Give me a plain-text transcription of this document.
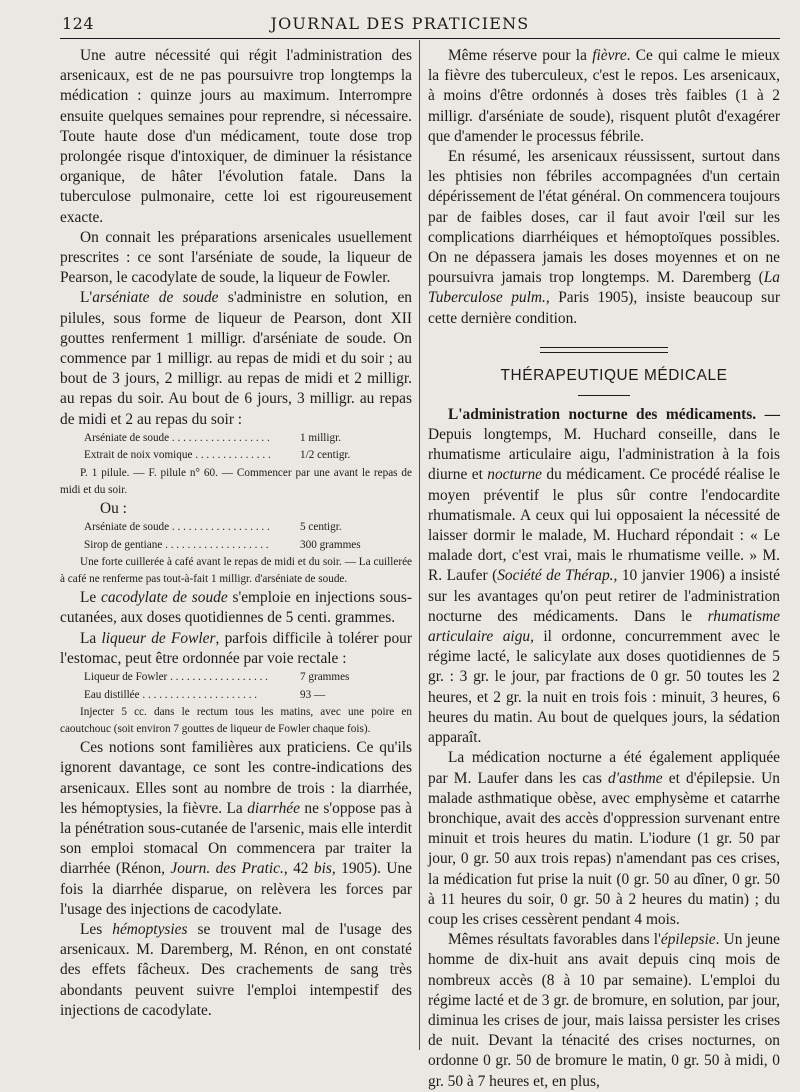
124	JOURNAL DES PRATICIENS

Une autre nécessité qui régit l'administration des arsenicaux, est de ne pas poursuivre trop longtemps la médication : quinze jours au maximum. Interrompre ensuite quelques semaines pour reprendre, si nécessaire. Toute haute dose d'un médicament, toute dose trop prolongée risque d'intoxiquer, de diminuer la résistance organique, de hâter l'évolution fatale. Dans la tuberculose pulmonaire, cette loi est rigoureusement exacte.

On connait les préparations arsenicales usuellement prescrites : ce sont l'arséniate de soude, la liqueur de Pearson, le cacodylate de soude, la liqueur de Fowler.

L'arséniate de soude s'administre en solution, en pilules, sous forme de liqueur de Pearson, dont XII gouttes renferment 1 milligr. d'arséniate de soude. On commence par 1 milligr. au repas de midi et du soir ; au bout de 3 jours, 2 milligr. au repas de midi et 2 milligr. au repas du soir. Au bout de 6 jours, 3 milligr. au repas de midi et 2 au repas du soir :

Arséniate de soude . . .	1 milligr.
Extrait de noix vomique . . .	1/2 centigr.

P. 1 pilule. — F. pilule n° 60. — Commencer par une avant le repas de midi et du soir.

Ou :

Arséniate de soude . . .	5 centigr.
Sirop de gentiane . . .	300 grammes

Une forte cuillerée à café avant le repas de midi et du soir. — La cuillerée à café ne renferme pas tout-à-fait 1 milligr. d'arséniate de soude.

Le cacodylate de soude s'emploie en injections sous-cutanées, aux doses quotidiennes de 5 centi. grammes.

La liqueur de Fowler, parfois difficile à tolérer pour l'estomac, peut être ordonnée par voie rectale :

Liqueur de Fowler . . .	7 grammes
Eau distillée . . .	93 —

Injecter 5 cc. dans le rectum tous les matins, avec une poire en caoutchouc (soit environ 7 gouttes de liqueur de Fowler chaque fois).

Ces notions sont familières aux praticiens. Ce qu'ils ignorent davantage, ce sont les contre-indications des arsenicaux. Elles sont au nombre de trois : la diarrhée, les hémoptysies, la fièvre. La diarrhée ne s'oppose pas à la pénétration sous-cutanée de l'arsenic, mais elle interdit son emploi stomacal On commencera par traiter la diarrhée (Rénon, Journ. des Pratic., 42 bis, 1905). Une fois la diarrhée disparue, on relèvera les forces par l'usage des injections de cacodylate.

Les hémoptysies se trouvent mal de l'usage des arsenicaux. M. Daremberg, M. Rénon, en ont constaté des effets fâcheux. Des crachements de sang très abondants peuvent suivre l'emploi intempestif des injections de cacodylate.

Même réserve pour la fièvre. Ce qui calme le mieux la fièvre des tuberculeux, c'est le repos. Les arsenicaux, à moins d'être ordonnés à doses très faibles (1 à 2 milligr. d'arséniate de soude), risquent plutôt d'exagérer que d'amender le processus fébrile.

En résumé, les arsenicaux réussissent, surtout dans les phtisies non fébriles accompagnées d'un certain dépérissement de l'état général. On commencera toujours par de faibles doses, car il faut avoir l'œil sur les complications diarrhéiques et hémoptoïques possibles. On ne dépassera jamais les doses moyennes et on ne poursuivra jamais trop longtemps. M. Daremberg (La Tuberculose pulm., Paris 1905), insiste beaucoup sur cette dernière condition.

THÉRAPEUTIQUE MÉDICALE

L'administration nocturne des médicaments. — Depuis longtemps, M. Huchard conseille, dans le rhumatisme articulaire aigu, l'administration à la fois diurne et nocturne du médicament. Ce procédé réalise le moyen préventif le plus sûr contre l'endocardite rhumatismale. A ceux qui lui opposaient la nécessité de laisser dormir le malade, M. Huchard répondait : « Le malade dort, c'est vrai, mais le rhumatisme veille. » M. R. Laufer (Société de Thérap., 10 janvier 1906) a insisté sur les avantages qu'on peut retirer de l'administration nocturne des médicaments. Dans le rhumatisme articulaire aigu, il ordonne, concurremment avec le régime lacté, le salicylate aux doses quotidiennes de 5 gr. : 3 gr. le jour, par fractions de 0 gr. 50 toutes les 2 heures, et 2 gr. la nuit en trois fois : minuit, 3 heures, 6 heures du matin. Au bout de quelques jours, la sédation apparaît.

La médication nocturne a été également appliquée par M. Laufer dans les cas d'asthme et d'épilepsie. Un malade asthmatique obèse, avec emphysème et catarrhe bronchique, avait des accès d'oppression survenant entre minuit et trois heures du matin. L'iodure (1 gr. 50 par jour, 0 gr. 50 aux trois repas) n'amendant pas ces crises, la médication fut prise la nuit (0 gr. 50 au dîner, 0 gr. 50 à 11 heures du soir, 0 gr. 50 à 2 heures du matin) ; du coup les crises cessèrent pendant 4 mois.

Mêmes résultats favorables dans l'épilepsie. Un jeune homme de dix-huit ans avait depuis cinq mois de nombreux accès (8 à 10 par semaine). L'emploi du régime lacté et de 3 gr. de bromure, en solution, par jour, diminua les crises de jour, mais laissa persister les crises de nuit. Devant la ténacité des crises nocturnes, on ordonne 0 gr. 50 de bromure le matin, 0 gr. 50 à midi, 0 gr. 50 à 7 heures et, en plus,
